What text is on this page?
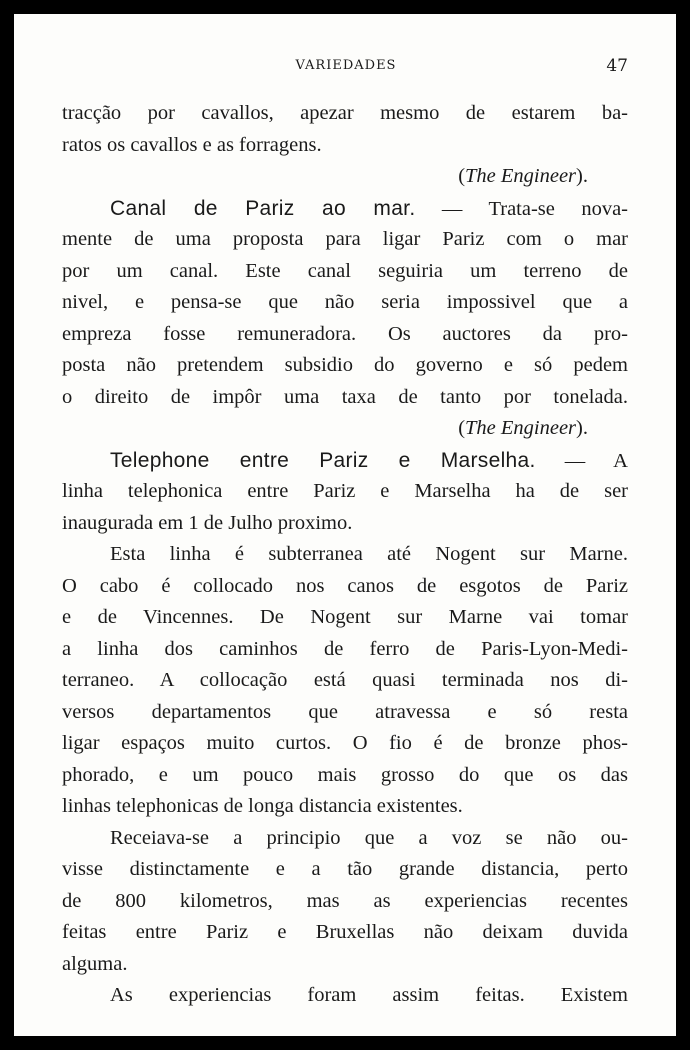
VARIEDADES	47
tracção por cavallos, apezar mesmo de estarem ba-
ratos os cavallos e as forragens.
(The Engineer).
Canal de Pariz ao mar. — Trata-se nova-
mente de uma proposta para ligar Pariz com o mar
por um canal. Este canal seguiria um terreno de
nivel, e pensa-se que não seria impossivel que a
empreza fosse remuneradora. Os auctores da pro-
posta não pretendem subsidio do governo e só pedem
o direito de impôr uma taxa de tanto por tonelada.
(The Engineer).
Telephone entre Pariz e Marselha. — A
linha telephonica entre Pariz e Marselha ha de ser
inaugurada em 1 de Julho proximo.
Esta linha é subterranea até Nogent sur Marne.
O cabo é collocado nos canos de esgotos de Pariz
e de Vincennes. De Nogent sur Marne vai tomar
a linha dos caminhos de ferro de Paris-Lyon-Medi-
terraneo. A collocação está quasi terminada nos di-
versos departamentos que atravessa e só resta
ligar espaços muito curtos. O fio é de bronze phos-
phorado, e um pouco mais grosso do que os das
linhas telephonicas de longa distancia existentes.
Receiava-se a principio que a voz se não ou-
visse distinctamente e a tão grande distancia, perto
de 800 kilometros, mas as experiencias recentes
feitas entre Pariz e Bruxellas não deixam duvida
alguma.
As experiencias foram assim feitas. Existem
